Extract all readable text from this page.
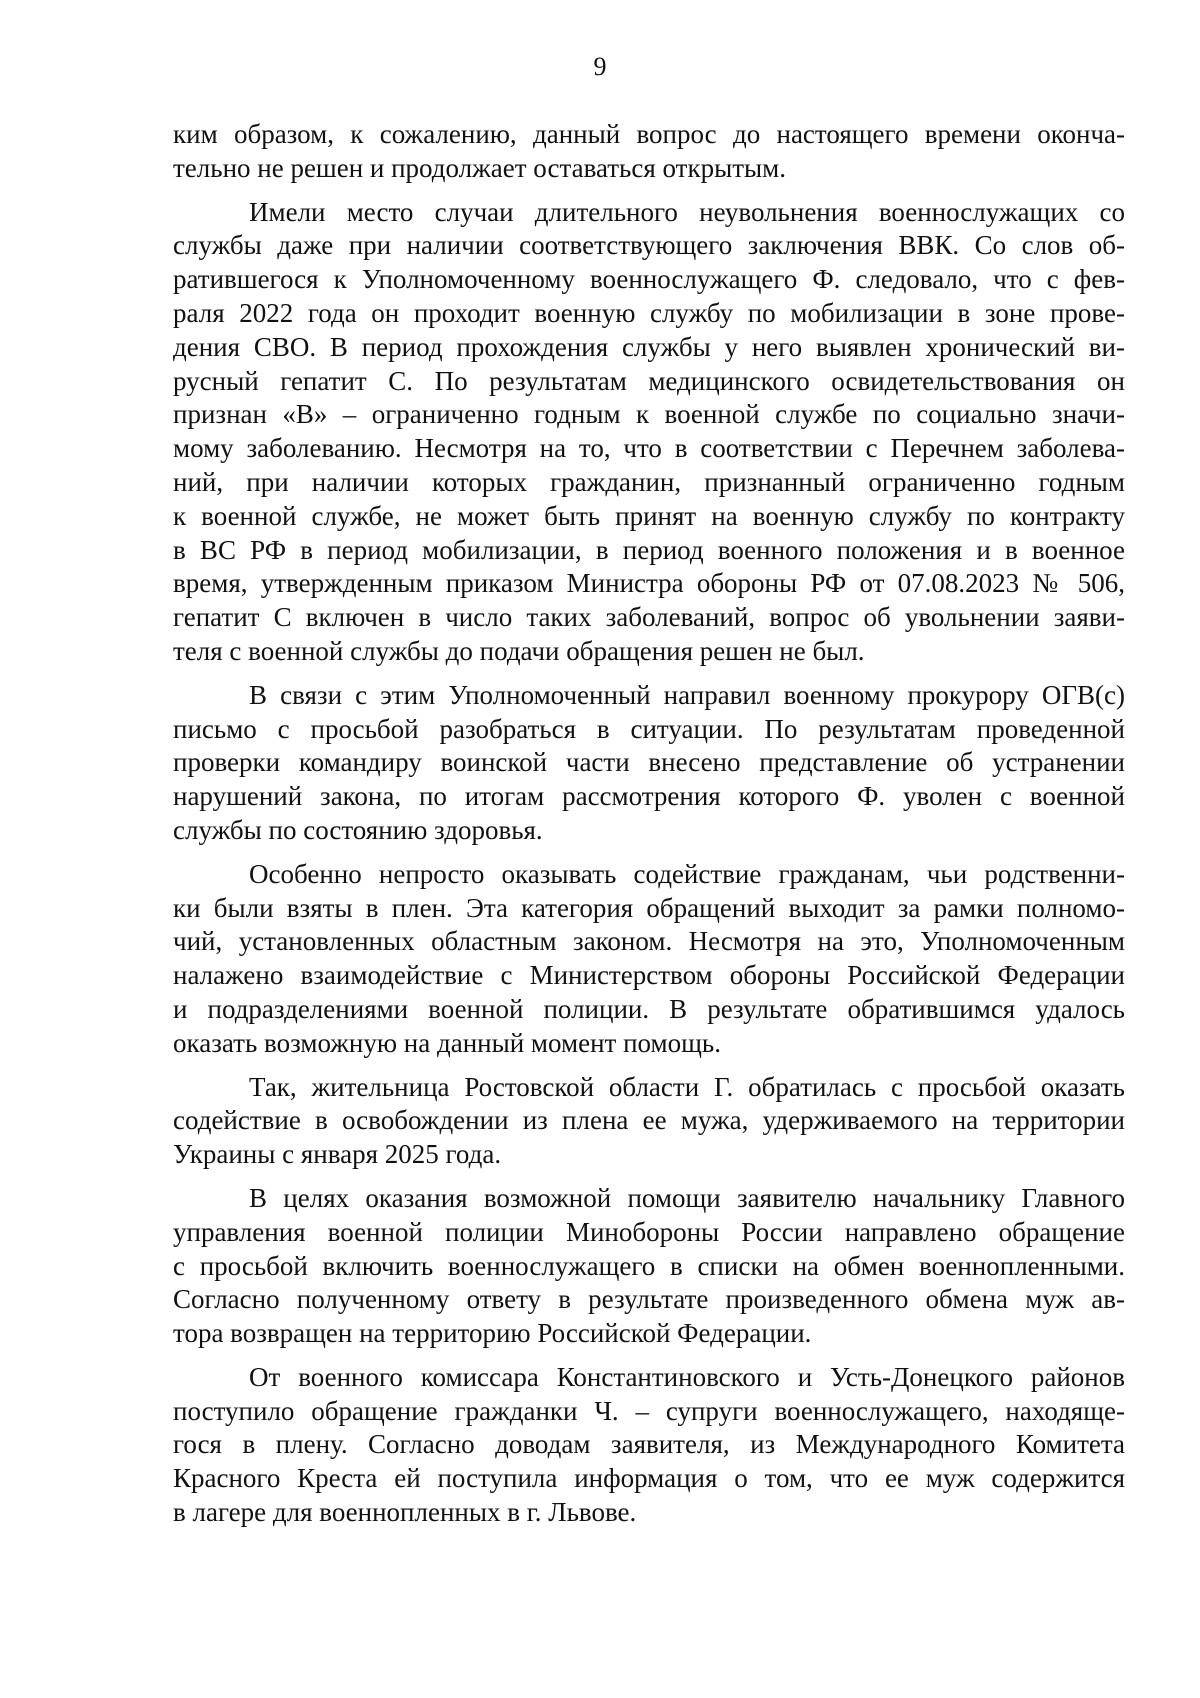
9
ким образом, к сожалению, данный вопрос до настоящего времени оконча-
тельно не решен и продолжает оставаться открытым.
Имели место случаи длительного неувольнения военнослужащих со
службы даже при наличии соответствующего заключения ВВК. Со слов об-
ратившегося к Уполномоченному военнослужащего Ф. следовало, что с фев-
раля 2022 года он проходит военную службу по мобилизации в зоне прове-
дения СВО. В период прохождения службы у него выявлен хронический ви-
русный гепатит С. По результатам медицинского освидетельствования он
признан «В» – ограниченно годным к военной службе по социально значи-
мому заболеванию. Несмотря на то, что в соответствии с Перечнем заболева-
ний, при наличии которых гражданин, признанный ограниченно годным
к военной службе, не может быть принят на военную службу по контракту
в ВС РФ в период мобилизации, в период военного положения и в военное
время, утвержденным приказом Министра обороны РФ от 07.08.2023 № 506,
гепатит С включен в число таких заболеваний, вопрос об увольнении заяви-
теля с военной службы до подачи обращения решен не был.
В связи с этим Уполномоченный направил военному прокурору ОГВ(с)
письмо с просьбой разобраться в ситуации. По результатам проведенной
проверки командиру воинской части внесено представление об устранении
нарушений закона, по итогам рассмотрения которого Ф. уволен с военной
службы по состоянию здоровья.
Особенно непросто оказывать содействие гражданам, чьи родственни-
ки были взяты в плен. Эта категория обращений выходит за рамки полномо-
чий, установленных областным законом. Несмотря на это, Уполномоченным
налажено взаимодействие с Министерством обороны Российской Федерации
и подразделениями военной полиции. В результате обратившимся удалось
оказать возможную на данный момент помощь.
Так, жительница Ростовской области Г. обратилась с просьбой оказать
содействие в освобождении из плена ее мужа, удерживаемого на территории
Украины с января 2025 года.
В целях оказания возможной помощи заявителю начальнику Главного
управления военной полиции Минобороны России направлено обращение
с просьбой включить военнослужащего в списки на обмен военнопленными.
Согласно полученному ответу в результате произведенного обмена муж ав-
тора возвращен на территорию Российской Федерации.
От военного комиссара Константиновского и Усть-Донецкого районов
поступило обращение гражданки Ч. – супруги военнослужащего, находяще-
гося в плену. Согласно доводам заявителя, из Международного Комитета
Красного Креста ей поступила информация о том, что ее муж содержится
в лагере для военнопленных в г. Львове.
